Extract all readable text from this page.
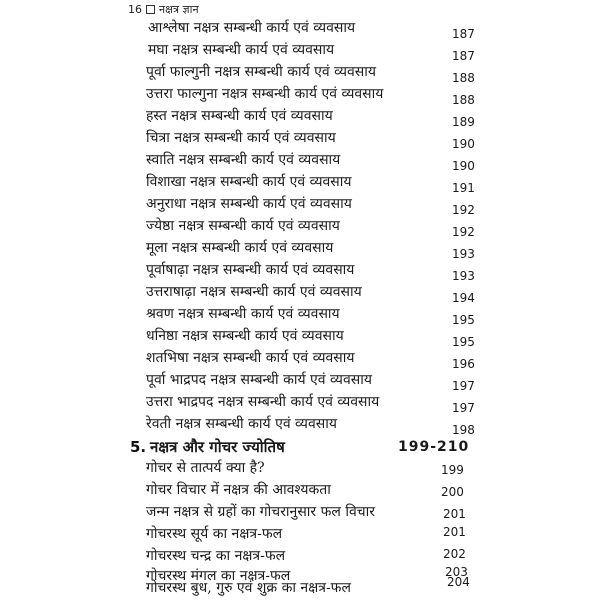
16 नक्षत्र ज्ञान
आश्लेषा नक्षत्र सम्बन्धी कार्य एवं व्यवसाय	187
मघा नक्षत्र सम्बन्धी कार्य एवं व्यवसाय	187
पूर्वा फाल्गुनी नक्षत्र सम्बन्धी कार्य एवं व्यवसाय	188
उत्तरा फाल्गुना नक्षत्र सम्बन्धी कार्य एवं व्यवसाय	188
हस्त नक्षत्र सम्बन्धी कार्य एवं व्यवसाय	189
चित्रा नक्षत्र सम्बन्धी कार्य एवं व्यवसाय	190
स्वाति नक्षत्र सम्बन्धी कार्य एवं व्यवसाय	190
विशाखा नक्षत्र सम्बन्धी कार्य एवं व्यवसाय	191
अनुराधा नक्षत्र सम्बन्धी कार्य एवं व्यवसाय	192
ज्येष्ठा नक्षत्र सम्बन्धी कार्य एवं व्यवसाय	192
मूला नक्षत्र सम्बन्धी कार्य एवं व्यवसाय	193
पूर्वाषाढ़ा नक्षत्र सम्बन्धी कार्य एवं व्यवसाय	193
उत्तराषाढ़ा नक्षत्र सम्बन्धी कार्य एवं व्यवसाय	194
श्रवण नक्षत्र सम्बन्धी कार्य एवं व्यवसाय	195
धनिष्ठा नक्षत्र सम्बन्धी कार्य एवं व्यवसाय	195
शतभिषा नक्षत्र सम्बन्धी कार्य एवं व्यवसाय	196
पूर्वा भाद्रपद नक्षत्र सम्बन्धी कार्य एवं व्यवसाय	197
उत्तरा भाद्रपद नक्षत्र सम्बन्धी कार्य एवं व्यवसाय	197
रेवती नक्षत्र सम्बन्धी कार्य एवं व्यवसाय	198
5. नक्षत्र और गोचर ज्योतिष	199-210
गोचर से तात्पर्य क्या है?	199
गोचर विचार में नक्षत्र की आवश्यकता	200
जन्म नक्षत्र से ग्रहों का गोचरानुसार फल विचार	201
गोचरस्थ सूर्य का नक्षत्र-फल	201
गोचरस्थ चन्द्र का नक्षत्र-फल	202
गोचरस्थ मंगल का नक्षत्र-फल	203
गोचरस्थ बुध, गुरु एवं शुक्र का नक्षत्र-फल	204
